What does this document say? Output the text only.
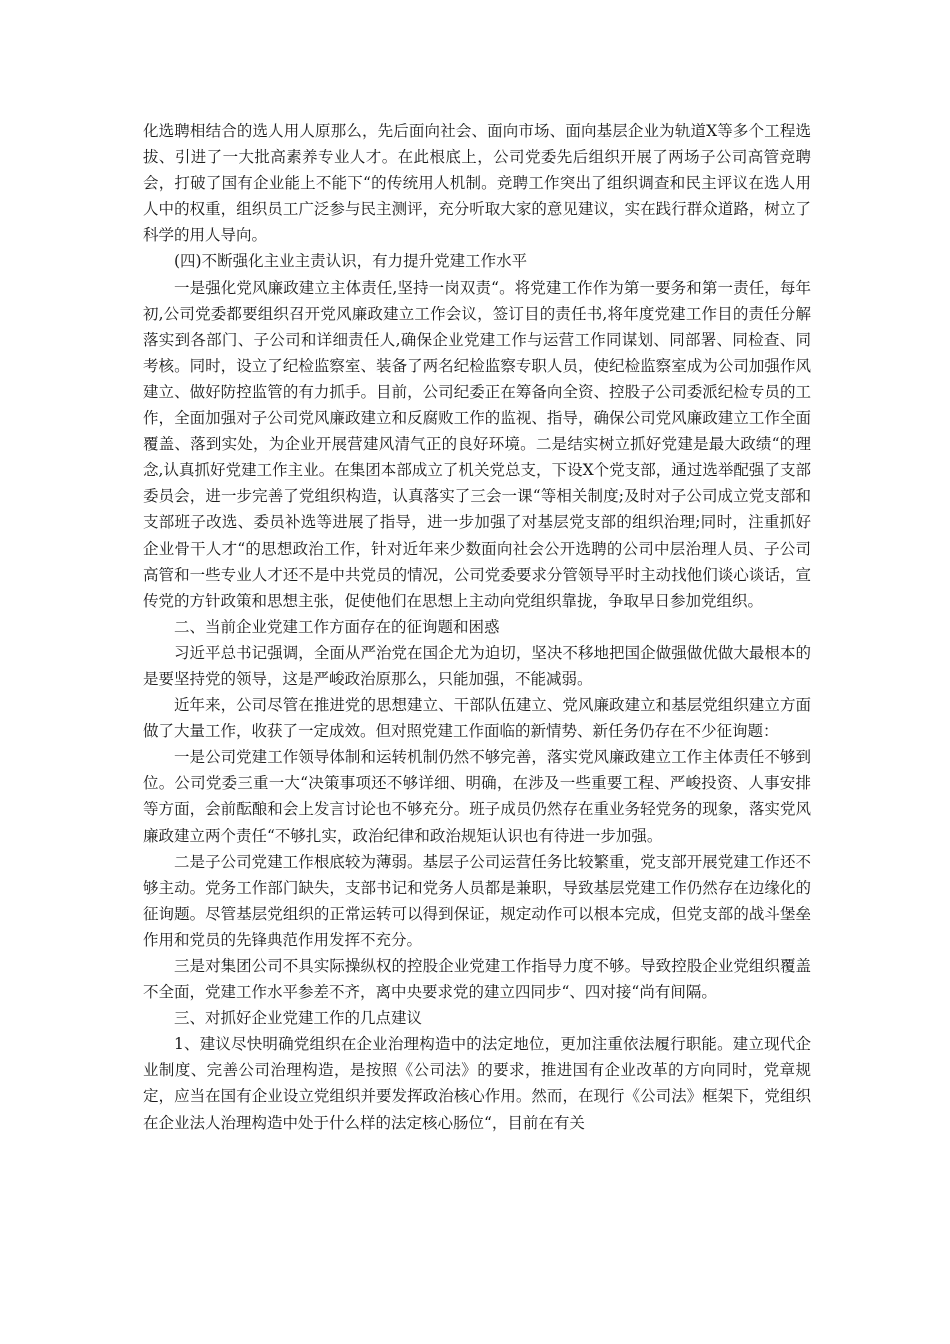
化选聘相结合的选人用人原那么，先后面向社会、面向市场、面向基层企业为轨道X等多个工程选拔、引进了一大批高素养专业人才。在此根底上，公司党委先后组织开展了两场子公司高管竞聘会，打破了国有企业能上不能下“的传统用人机制。竞聘工作突出了组织调查和民主评议在选人用人中的权重，组织员工广泛参与民主测评，充分听取大家的意见建议，实在践行群众道路，树立了科学的用人导向。

(四)不断强化主业主责认识，有力提升党建工作水平

一是强化党风廉政建立主体责任,坚持一岗双责“。将党建工作作为第一要务和第一责任，每年初,公司党委都要组织召开党风廉政建立工作会议，签订目的责任书,将年度党建工作目的责任分解落实到各部门、子公司和详细责任人,确保企业党建工作与运营工作同谋划、同部署、同检查、同考核。同时，设立了纪检监察室、装备了两名纪检监察专职人员，使纪检监察室成为公司加强作风建立、做好防控监管的有力抓手。目前，公司纪委正在筹备向全资、控股子公司委派纪检专员的工作，全面加强对子公司党风廉政建立和反腐败工作的监视、指导，确保公司党风廉政建立工作全面覆盖、落到实处，为企业开展营建风清气正的良好环境。二是结实树立抓好党建是最大政绩“的理念,认真抓好党建工作主业。在集团本部成立了机关党总支，下设X个党支部，通过选举配强了支部委员会，进一步完善了党组织构造，认真落实了三会一课“等相关制度;及时对子公司成立党支部和支部班子改选、委员补选等进展了指导，进一步加强了对基层党支部的组织治理;同时，注重抓好企业骨干人才“的思想政治工作，针对近年来少数面向社会公开选聘的公司中层治理人员、子公司高管和一些专业人才还不是中共党员的情况，公司党委要求分管领导平时主动找他们谈心谈话，宣传党的方针政策和思想主张，促使他们在思想上主动向党组织靠拢，争取早日参加党组织。

二、当前企业党建工作方面存在的征询题和困惑

习近平总书记强调，全面从严治党在国企尤为迫切，坚决不移地把国企做强做优做大最根本的是要坚持党的领导，这是严峻政治原那么，只能加强，不能减弱。

近年来，公司尽管在推进党的思想建立、干部队伍建立、党风廉政建立和基层党组织建立方面做了大量工作，收获了一定成效。但对照党建工作面临的新情势、新任务仍存在不少征询题：

一是公司党建工作领导体制和运转机制仍然不够完善，落实党风廉政建立工作主体责任不够到位。公司党委三重一大“决策事项还不够详细、明确，在涉及一些重要工程、严峻投资、人事安排等方面，会前酝酿和会上发言讨论也不够充分。班子成员仍然存在重业务轻党务的现象，落实党风廉政建立两个责任“不够扎实，政治纪律和政治规矩认识也有待进一步加强。

二是子公司党建工作根底较为薄弱。基层子公司运营任务比较繁重，党支部开展党建工作还不够主动。党务工作部门缺失，支部书记和党务人员都是兼职，导致基层党建工作仍然存在边缘化的征询题。尽管基层党组织的正常运转可以得到保证，规定动作可以根本完成，但党支部的战斗堡垒作用和党员的先锋典范作用发挥不充分。

三是对集团公司不具实际操纵权的控股企业党建工作指导力度不够。导致控股企业党组织覆盖不全面，党建工作水平参差不齐，离中央要求党的建立四同步“、四对接“尚有间隔。

三、对抓好企业党建工作的几点建议

1、建议尽快明确党组织在企业治理构造中的法定地位，更加注重依法履行职能。建立现代企业制度、完善公司治理构造，是按照《公司法》的要求，推进国有企业改革的方向同时，党章规定，应当在国有企业设立党组织并要发挥政治核心作用。然而，在现行《公司法》框架下，党组织在企业法人治理构造中处于什么样的法定核心肠位“，目前在有关
